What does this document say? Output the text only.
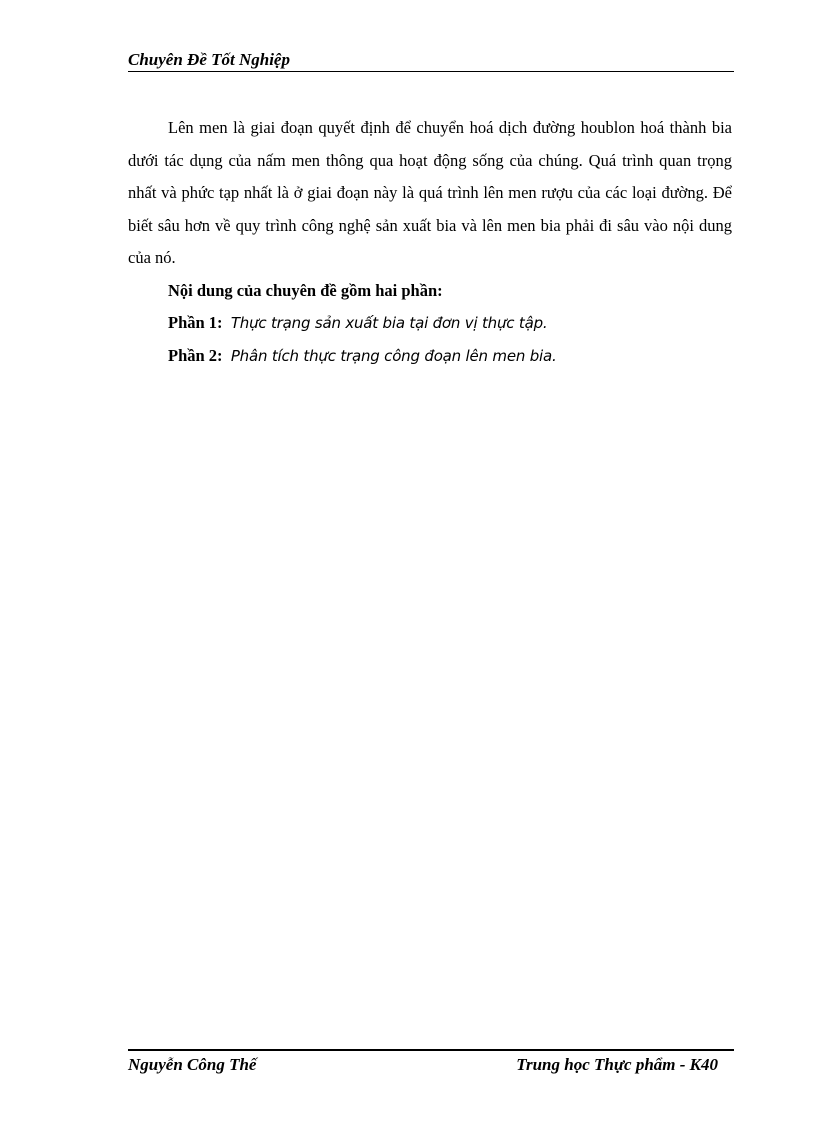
Chuyên Đề Tốt Nghiệp

Lên men là giai đoạn quyết định để chuyển hoá dịch đường houblon hoá thành bia dưới tác dụng của nấm men thông qua hoạt động sống của chúng. Quá trình quan trọng nhất và phức tạp nhất là ở giai đoạn này là quá trình lên men rượu của các loại đường. Để biết sâu hơn về quy trình công nghệ sản xuất bia và lên men bia phải đi sâu vào nội dung của nó.

Nội dung của chuyên đề gồm hai phần:
Phần 1: Thực trạng sản xuất bia tại đơn vị thực tập.
Phần 2: Phân tích thực trạng công đoạn lên men bia.
Nguyễn Công Thế	Trung học Thực phẩm - K40
